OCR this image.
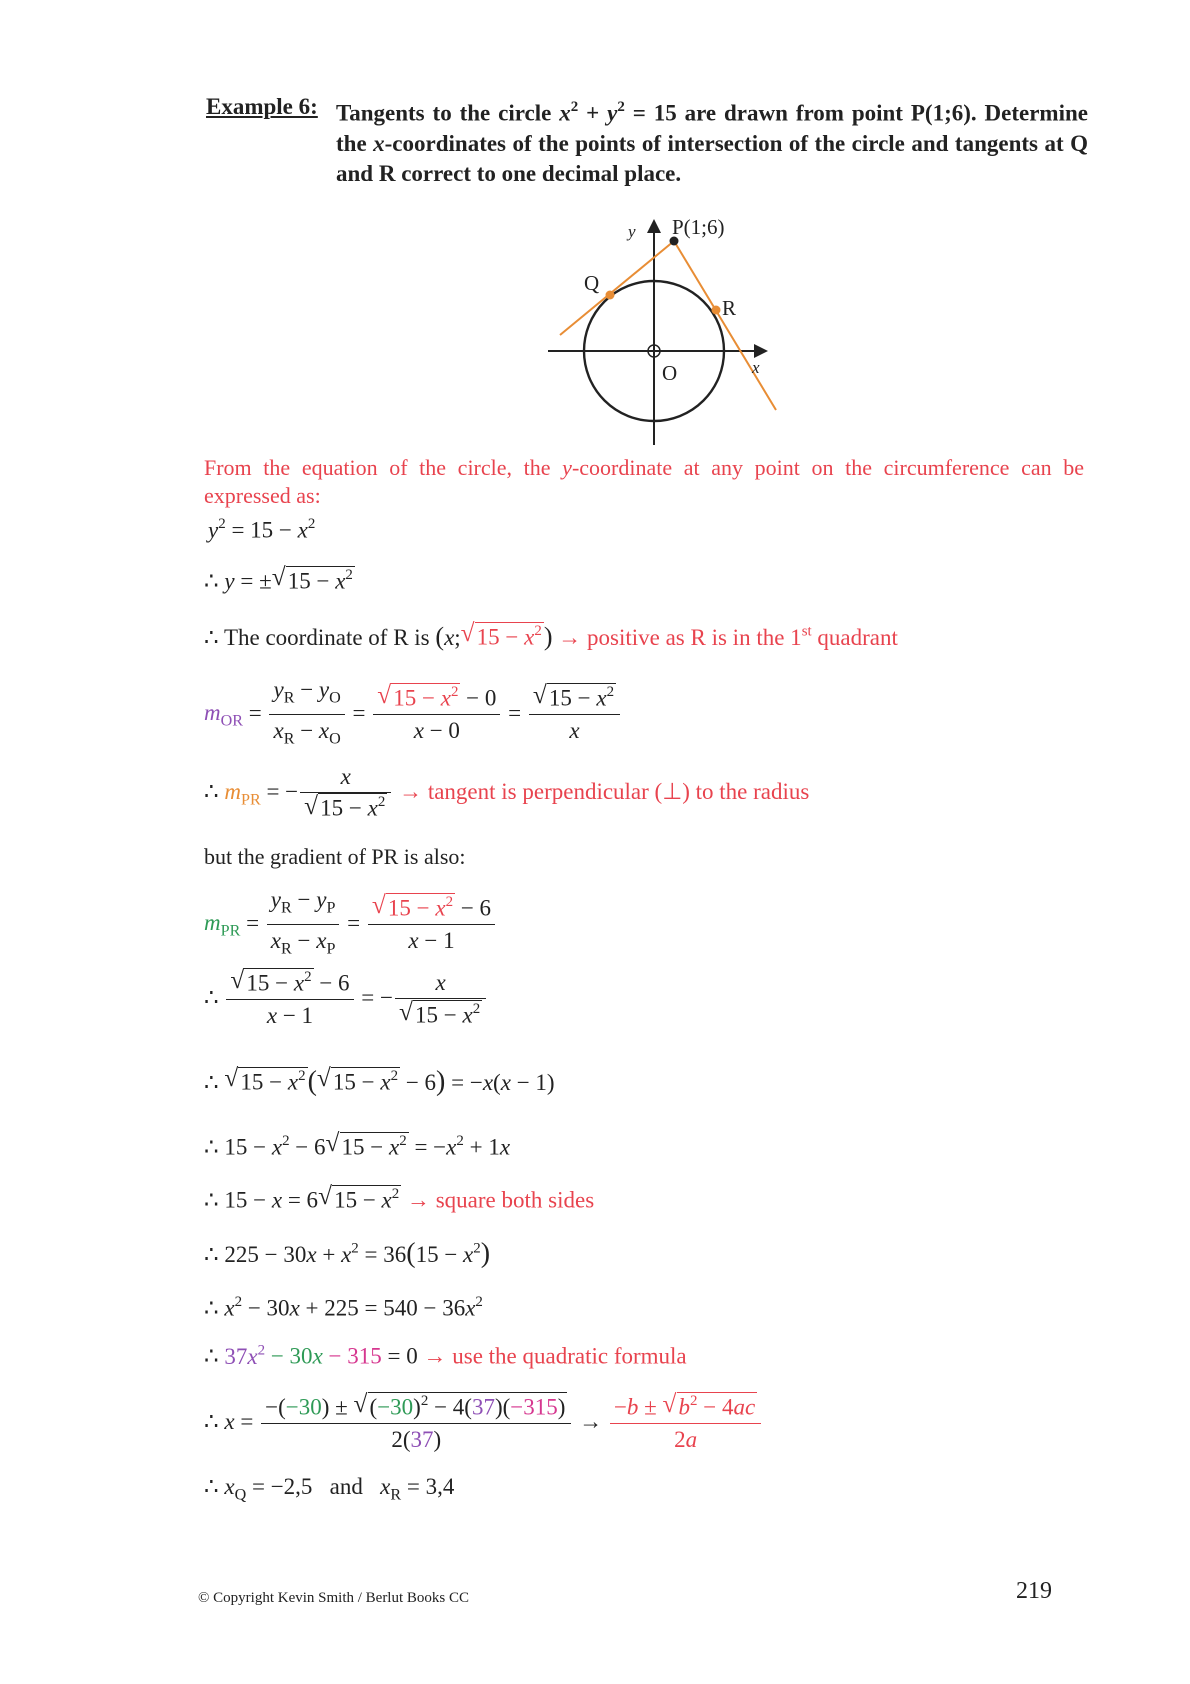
Example 6: Tangents to the circle $x^2 + y^2 = 15$ are drawn from point P(1;6). Determine the x-coordinates of the points of intersection of the circle and tangents at Q and R correct to one decimal place.
P(1;6)
Q
R
O
y
x
From the equation of the circle, the y-coordinate at any point on the circumference can be expressed as:
$y^2 = 15 - x^2$
∴ y = ±√ $15 - x^2$
∴ The coordinate of R is (x;√ $15 - x^2$) → positive as R is in the 1st quadrant
$m_{OR} = \frac{y_R - y_O}{x_R - x_O}$ =
√ $\frac{15 - x^2 - 0}{x - 0}$ =
√ $\frac{15 - x^2}{x}$
∴ $m_{PR}$ = − x
√ $15 - x^2$ → tangent is perpendicular (⊥) to the radius
but the gradient of PR is also:
$m_{PR} = \frac{y_R - y_P}{x_R - x_P}$ =
√ $\frac{15 - x^2 - 6}{x - 1}$
∴
√ $\frac{15 - x^2 - 6}{x - 1}$ = − x
√ $15 - x^2$
∴ √ $15 - x^2(√$ $15 - x^2 - 6) = -x(x - 1)$
∴ $15 - x^2 - 6√$ $15 - x^2 = -x^2 + 1x$
∴ 15 − x = 6√ $15 - x^2$ → square both sides
∴ $225 - 30x + x^2 = 36(15 - x^2)$
∴ $x^2 - 30x + 225 = 540 - 36x^2$
∴ $37x^2 - 30x - 315 = 0$ → use the quadratic formula
∴ $x = \frac{-(-30) \pm √ (-30)^2 - 4(37)(-315)}{2(37)} \to \frac{-b \pm √ b^2 - 4ac}{2a}$
∴ $x_Q = -2,5$   and   $x_R = 3,4$
© Copyright Kevin Smith / Berlut Books CC	219
